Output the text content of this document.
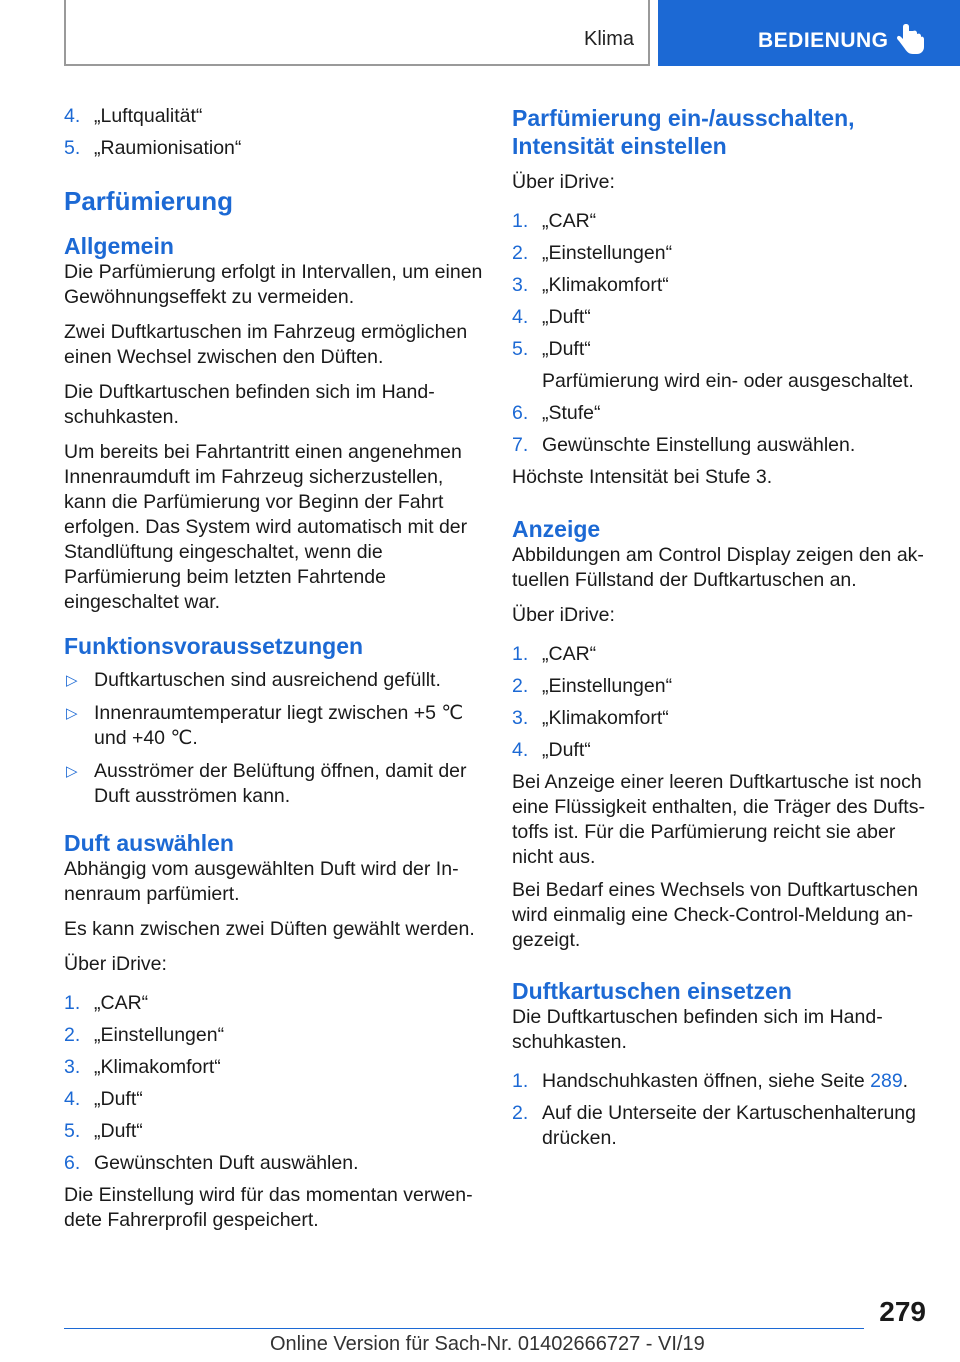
Klima	BEDIENUNG
4. „Luftqualität“
5. „Raumionisation“
Parfümierung
Allgemein

Die Parfümierung erfolgt in Intervallen, um einen Gewöhnungseffekt zu vermeiden.

Zwei Duftkartuschen im Fahrzeug ermöglichen einen Wechsel zwischen den Düften.

Die Duftkartuschen befinden sich im Handschuhkasten.

Um bereits bei Fahrtantritt einen angenehmen Innenraumduft im Fahrzeug sicherzustellen, kann die Parfümierung vor Beginn der Fahrt erfolgen. Das System wird automatisch mit der Standlüftung eingeschaltet, wenn die Parfümierung beim letzten Fahrtende eingeschaltet war.

Funktionsvoraussetzungen
▷ Duftkartuschen sind ausreichend gefüllt.
▷ Innenraumtemperatur liegt zwischen +5 ℃ und +40 ℃.
▷ Ausströmer der Belüftung öffnen, damit der Duft ausströmen kann.
Duft auswählen

Abhängig vom ausgewählten Duft wird der Innenraum parfümiert.

Es kann zwischen zwei Düften gewählt werden.

Über iDrive:

1. „CAR“
2. „Einstellungen“
3. „Klimakomfort“
4. „Duft“
5. „Duft“
6. Gewünschten Duft auswählen.

Die Einstellung wird für das momentan verwendete Fahrerprofil gespeichert.

Parfümierung ein-/ausschalten, Intensität einstellen

Über iDrive:

1. „CAR“
2. „Einstellungen“
3. „Klimakomfort“
4. „Duft“
5. „Duft“
Parfümierung wird ein- oder ausgeschaltet.
6. „Stufe“
7. Gewünschte Einstellung auswählen.

Höchste Intensität bei Stufe 3.

Anzeige

Abbildungen am Control Display zeigen den aktuellen Füllstand der Duftkartuschen an.

Über iDrive:

1. „CAR“
2. „Einstellungen“
3. „Klimakomfort“
4. „Duft“

Bei Anzeige einer leeren Duftkartusche ist noch eine Flüssigkeit enthalten, die Träger des Duftstoffs ist. Für die Parfümierung reicht sie aber nicht aus.

Bei Bedarf eines Wechsels von Duftkartuschen wird einmalig eine Check-Control-Meldung angezeigt.

Duftkartuschen einsetzen

Die Duftkartuschen befinden sich im Handschuhkasten.

1. Handschuhkasten öffnen, siehe Seite 289.
2. Auf die Unterseite der Kartuschenhalterung drücken.
279
Online Version für Sach-Nr. 01402666727 - VI/19
